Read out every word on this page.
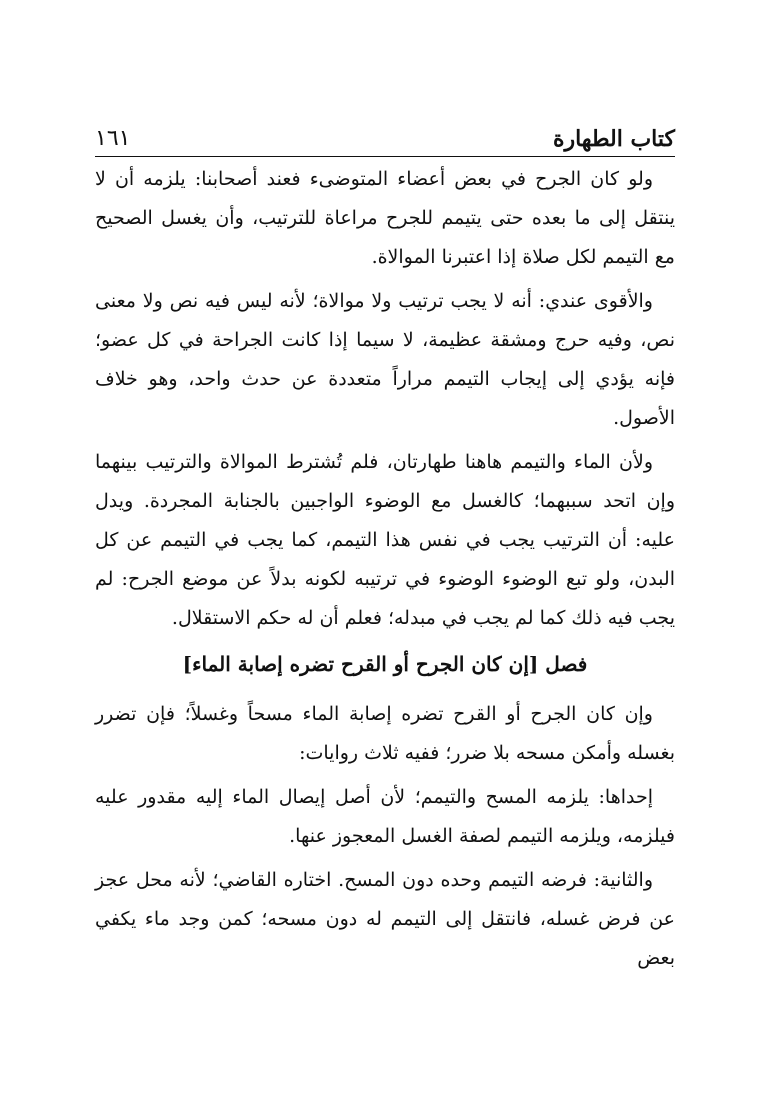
كتاب الطهارة
١٦١

ولو كان الجرح في بعض أعضاء المتوضىء فعند أصحابنا: يلزمه أن لا ينتقل إلى ما بعده حتى يتيمم للجرح مراعاة للترتيب، وأن يغسل الصحيح مع التيمم لكل صلاة إذا اعتبرنا الموالاة.

والأقوى عندي: أنه لا يجب ترتيب ولا موالاة؛ لأنه ليس فيه نص ولا معنى نص، وفيه حرج ومشقة عظيمة، لا سيما إذا كانت الجراحة في كل عضو؛ فإنه يؤدي إلى إيجاب التيمم مراراً متعددة عن حدث واحد، وهو خلاف الأصول.

ولأن الماء والتيمم هاهنا طهارتان، فلم تُشترط الموالاة والترتيب بينهما وإن اتحد سببهما؛ كالغسل مع الوضوء الواجبين بالجنابة المجردة. ويدل عليه: أن الترتيب يجب في نفس هذا التيمم، كما يجب في التيمم عن كل البدن، ولو تبع الوضوء الوضوء في ترتيبه لكونه بدلاً عن موضع الجرح: لم يجب فيه ذلك كما لم يجب في مبدله؛ فعلم أن له حكم الاستقلال.

فصل [إن كان الجرح أو القرح تضره إصابة الماء]

وإن كان الجرح أو القرح تضره إصابة الماء مسحاً وغسلاً؛ فإن تضرر بغسله وأمكن مسحه بلا ضرر؛ ففيه ثلاث روايات:

إحداها: يلزمه المسح والتيمم؛ لأن أصل إيصال الماء إليه مقدور عليه فيلزمه، ويلزمه التيمم لصفة الغسل المعجوز عنها.

والثانية: فرضه التيمم وحده دون المسح. اختاره القاضي؛ لأنه محل عجز عن فرض غسله، فانتقل إلى التيمم له دون مسحه؛ كمن وجد ماء يكفي بعض
